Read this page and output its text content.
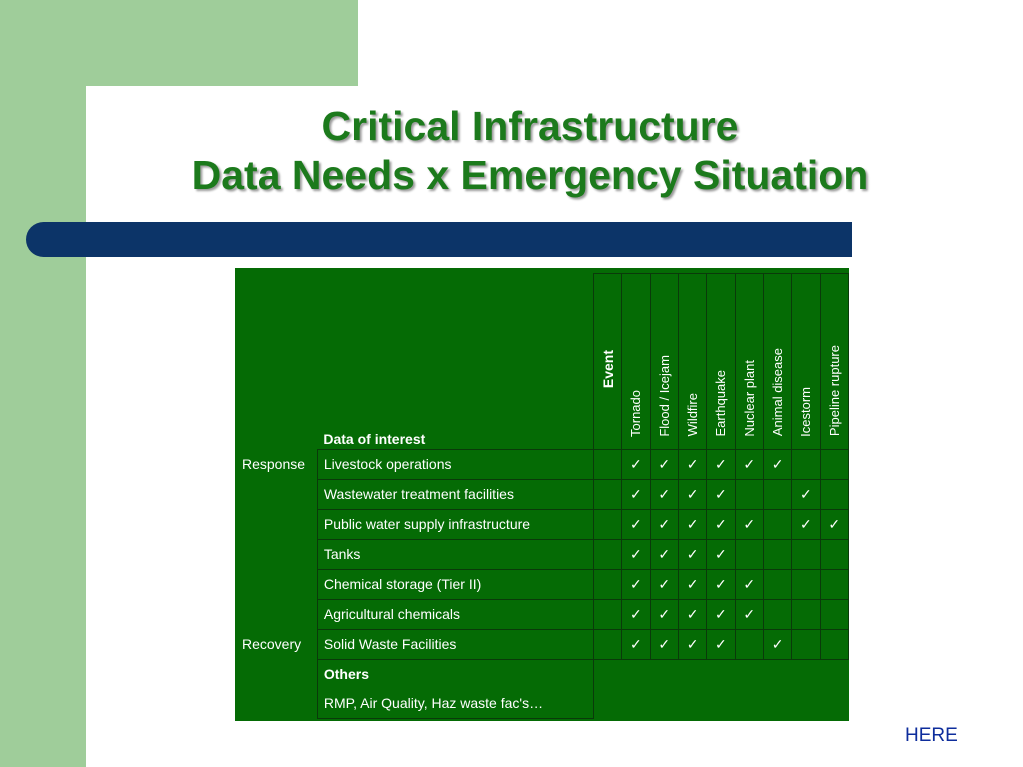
Critical Infrastructure
Data Needs x Emergency Situation
	Data of interest	Event	Tornado	Flood / Icejam	Wildfire	Earthquake	Nuclear plant	Animal disease	Icestorm	Pipeline rupture

Response	Livestock operations		✓	✓	✓	✓	✓	✓		
	Wastewater treatment facilities		✓	✓	✓	✓			✓	
	Public water supply infrastructure		✓	✓	✓	✓	✓		✓	✓
	Tanks		✓	✓	✓	✓				
	Chemical storage (Tier II)		✓	✓	✓	✓	✓			
	Agricultural chemicals		✓	✓	✓	✓	✓			
Recovery	Solid Waste Facilities		✓	✓	✓	✓		✓		
	Others									
	RMP, Air Quality, Haz waste fac's…									
HERE
